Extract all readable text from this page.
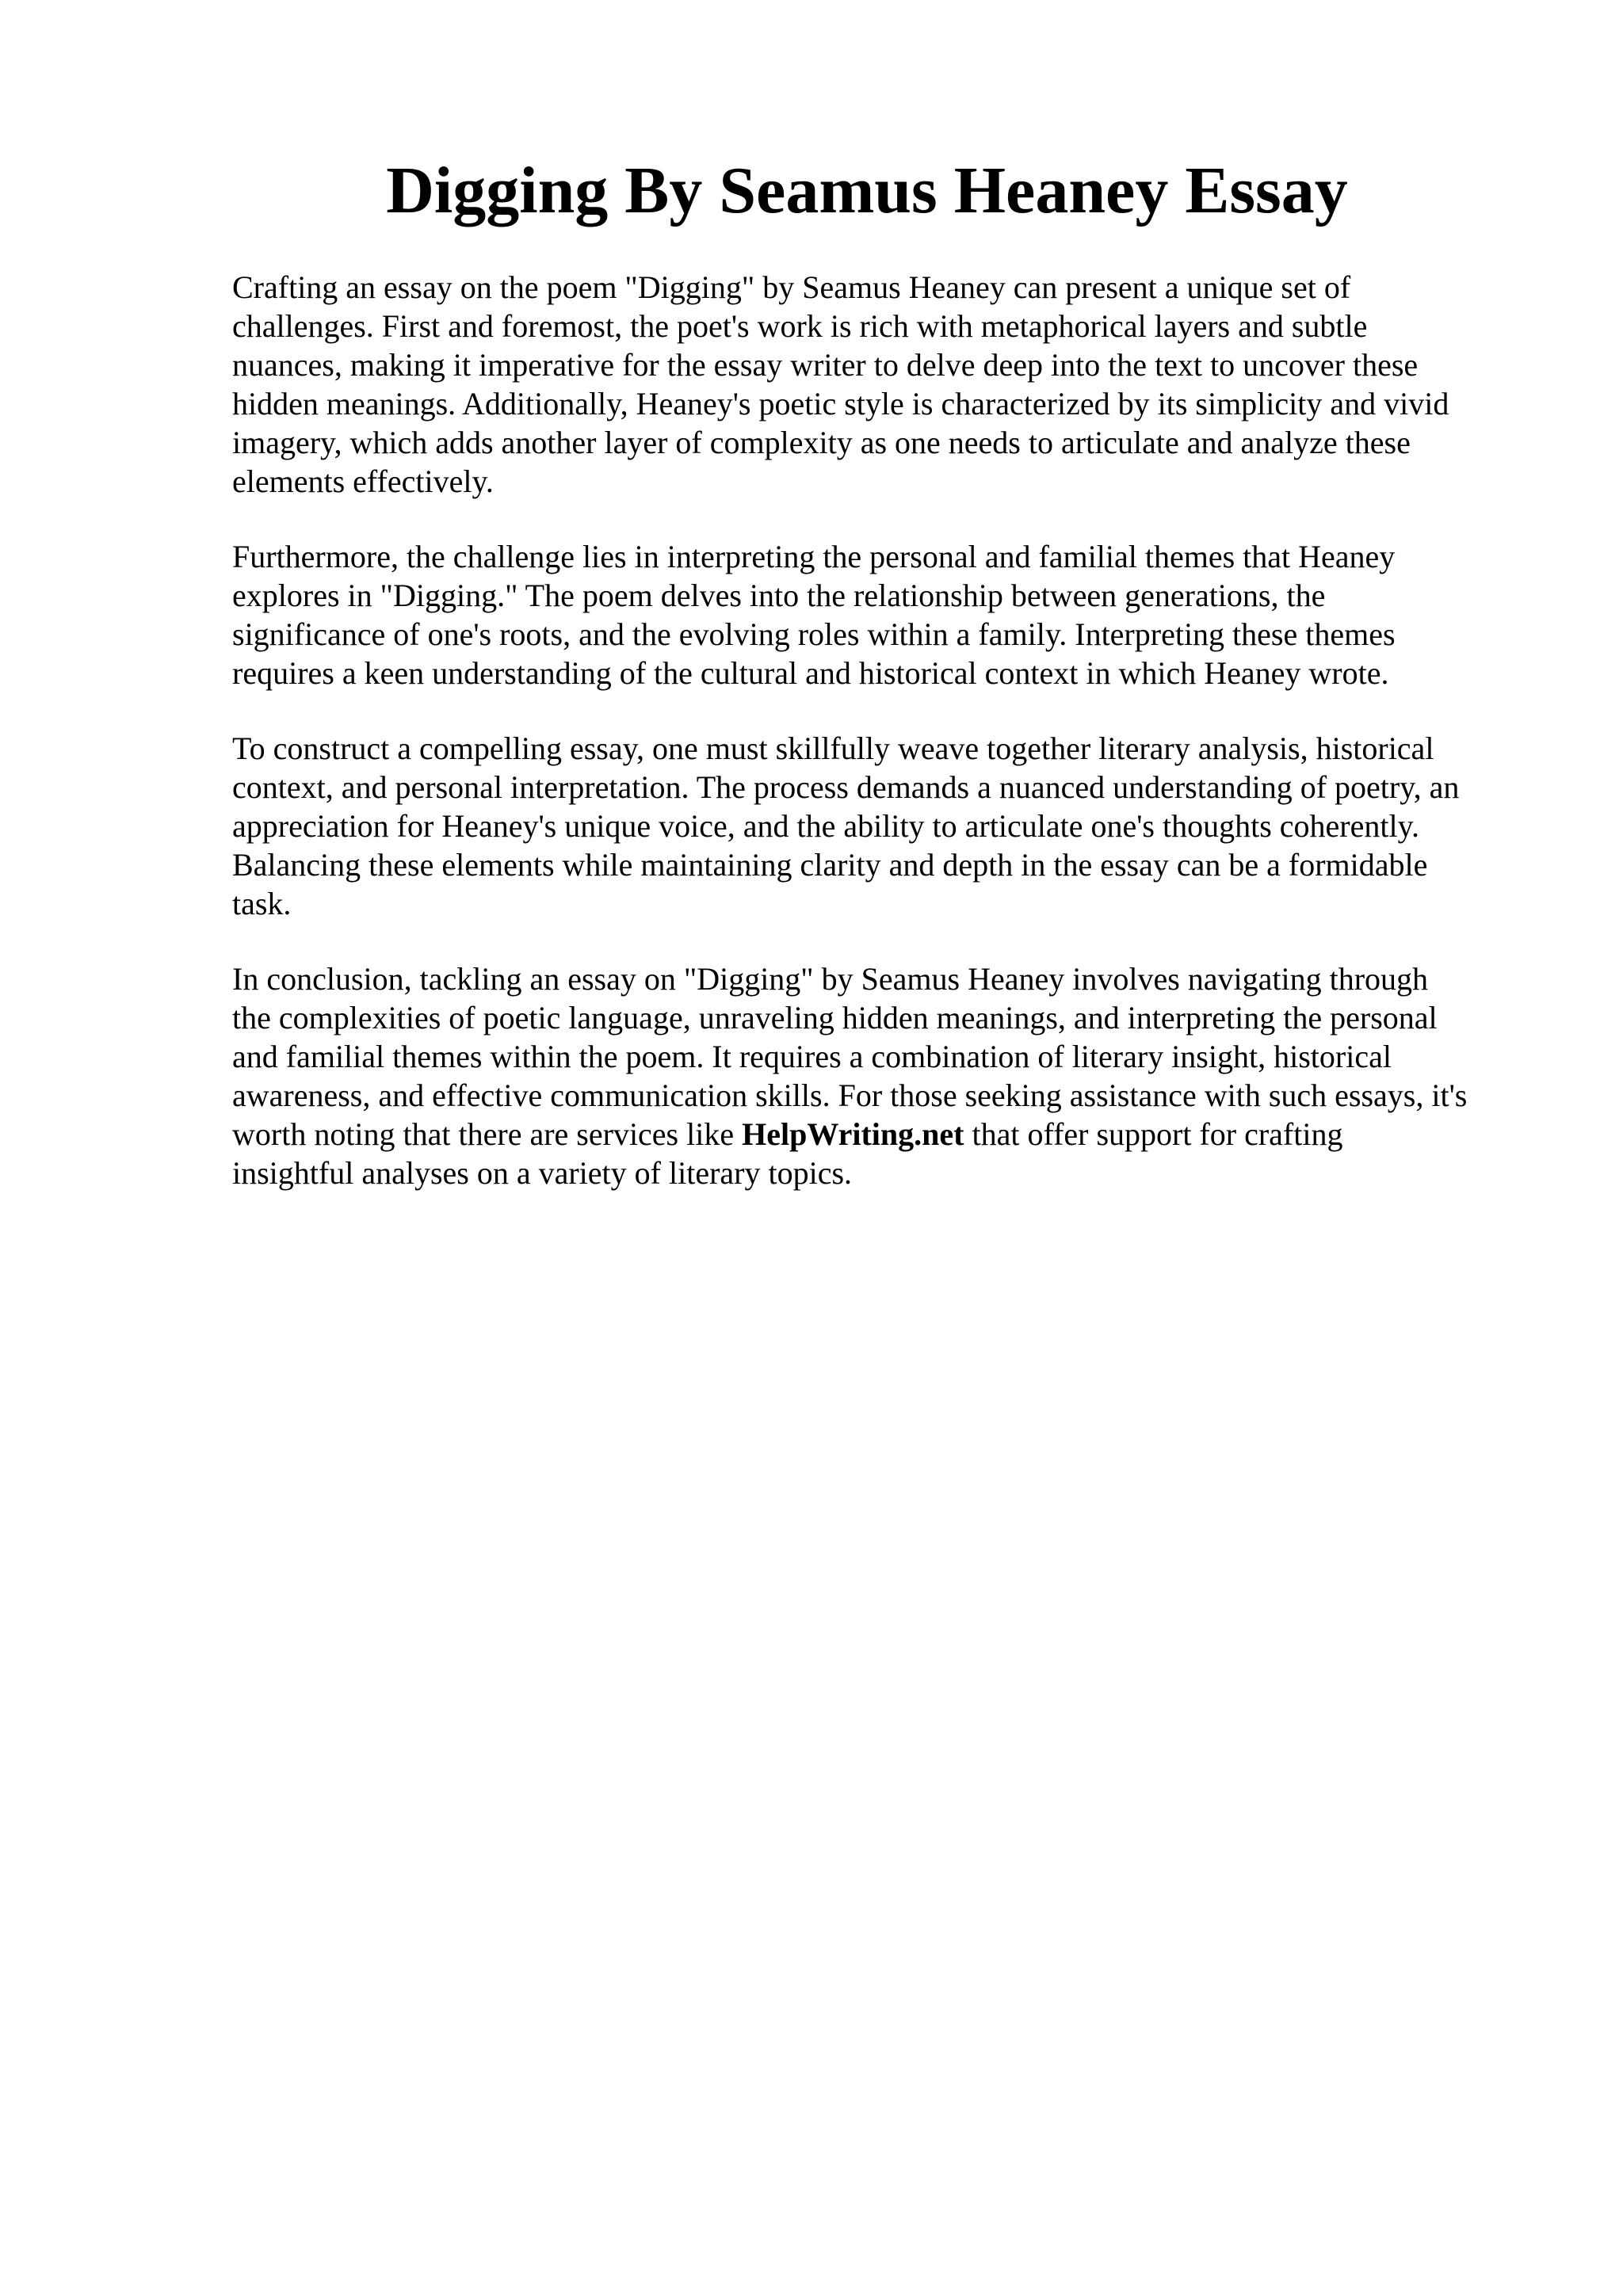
Digging By Seamus Heaney Essay

Crafting an essay on the poem "Digging" by Seamus Heaney can present a unique set of
challenges. First and foremost, the poet's work is rich with metaphorical layers and subtle
nuances, making it imperative for the essay writer to delve deep into the text to uncover these
hidden meanings. Additionally, Heaney's poetic style is characterized by its simplicity and vivid
imagery, which adds another layer of complexity as one needs to articulate and analyze these
elements effectively.

Furthermore, the challenge lies in interpreting the personal and familial themes that Heaney
explores in "Digging." The poem delves into the relationship between generations, the
significance of one's roots, and the evolving roles within a family. Interpreting these themes
requires a keen understanding of the cultural and historical context in which Heaney wrote.

To construct a compelling essay, one must skillfully weave together literary analysis, historical
context, and personal interpretation. The process demands a nuanced understanding of poetry, an
appreciation for Heaney's unique voice, and the ability to articulate one's thoughts coherently.
Balancing these elements while maintaining clarity and depth in the essay can be a formidable
task.

In conclusion, tackling an essay on "Digging" by Seamus Heaney involves navigating through
the complexities of poetic language, unraveling hidden meanings, and interpreting the personal
and familial themes within the poem. It requires a combination of literary insight, historical
awareness, and effective communication skills. For those seeking assistance with such essays, it's
worth noting that there are services like HelpWriting.net that offer support for crafting
insightful analyses on a variety of literary topics.
